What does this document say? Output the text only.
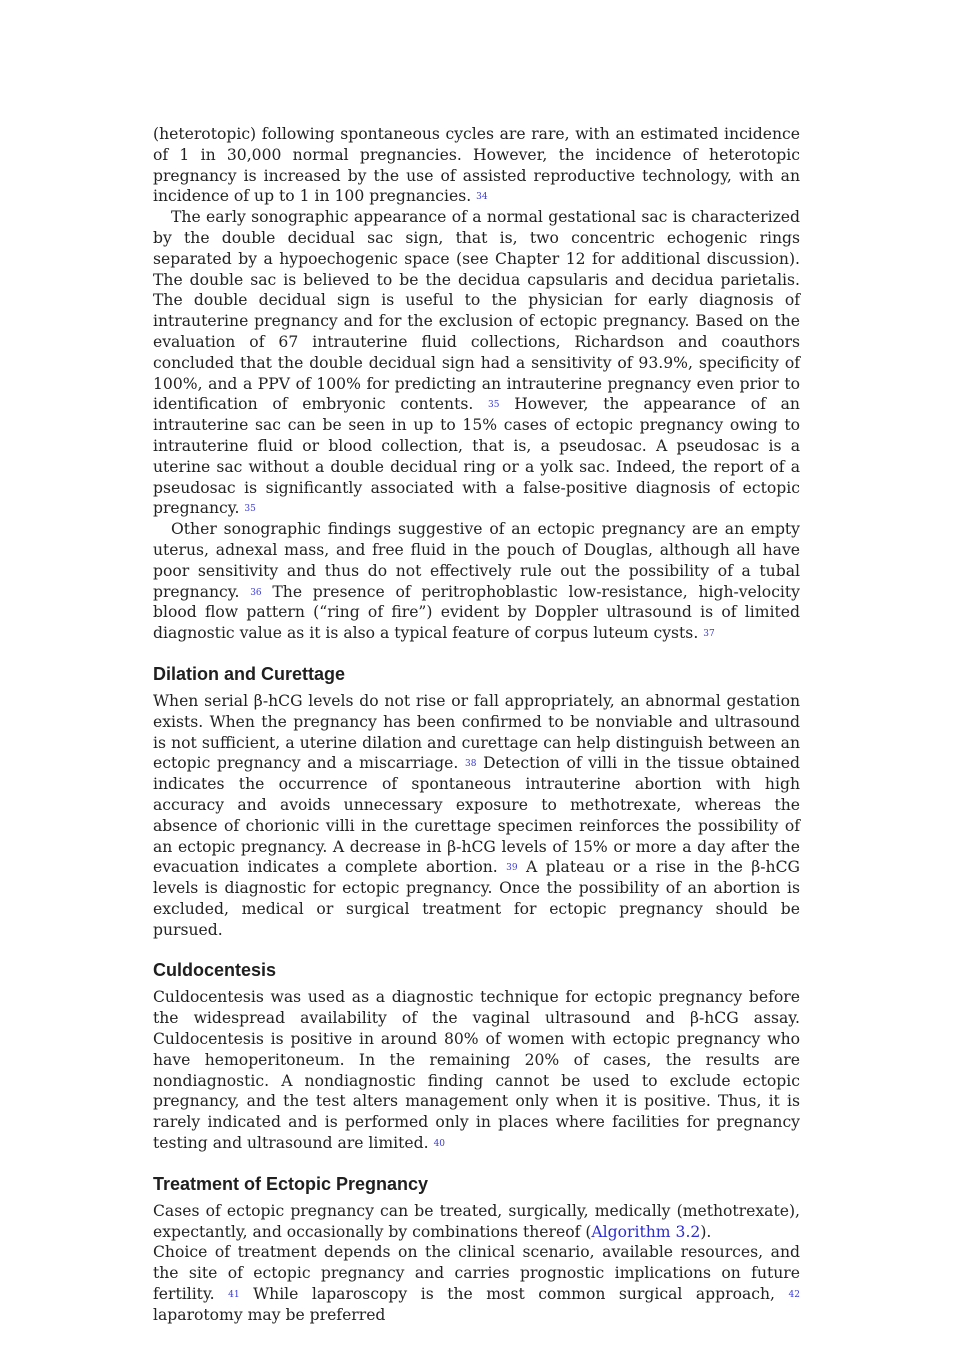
(heterotopic) following spontaneous cycles are rare, with an estimated incidence of 1 in 30,000 normal pregnancies. However, the incidence of heterotopic pregnancy is increased by the use of assisted reproductive technology, with an incidence of up to 1 in 100 pregnancies. 34

The early sonographic appearance of a normal gestational sac is characterized by the double decidual sac sign, that is, two concentric echogenic rings separated by a hypoechogenic space (see Chapter 12 for additional discussion). The double sac is believed to be the decidua capsularis and decidua parietalis. The double decidual sign is useful to the physician for early diagnosis of intrauterine pregnancy and for the exclusion of ectopic pregnancy. Based on the evaluation of 67 intrauterine fluid collections, Richardson and coauthors concluded that the double decidual sign had a sensitivity of 93.9%, specificity of 100%, and a PPV of 100% for predicting an intrauterine pregnancy even prior to identification of embryonic contents. 35 However, the appearance of an intrauterine sac can be seen in up to 15% cases of ectopic pregnancy owing to intrauterine fluid or blood collection, that is, a pseudosac. A pseudosac is a uterine sac without a double decidual ring or a yolk sac. Indeed, the report of a pseudosac is significantly associated with a false-positive diagnosis of ectopic pregnancy. 35

Other sonographic findings suggestive of an ectopic pregnancy are an empty uterus, adnexal mass, and free fluid in the pouch of Douglas, although all have poor sensitivity and thus do not effectively rule out the possibility of a tubal pregnancy. 36 The presence of peritrophoblastic low-resistance, high-velocity blood flow pattern (“ring of fire”) evident by Doppler ultrasound is of limited diagnostic value as it is also a typical feature of corpus luteum cysts. 37

Dilation and Curettage

When serial β-hCG levels do not rise or fall appropriately, an abnormal gestation exists. When the pregnancy has been confirmed to be nonviable and ultrasound is not sufficient, a uterine dilation and curettage can help distinguish between an ectopic pregnancy and a miscarriage. 38 Detection of villi in the tissue obtained indicates the occurrence of spontaneous intrauterine abortion with high accuracy and avoids unnecessary exposure to methotrexate, whereas the absence of chorionic villi in the curettage specimen reinforces the possibility of an ectopic pregnancy. A decrease in β-hCG levels of 15% or more a day after the evacuation indicates a complete abortion. 39 A plateau or a rise in the β-hCG levels is diagnostic for ectopic pregnancy. Once the possibility of an abortion is excluded, medical or surgical treatment for ectopic pregnancy should be pursued.

Culdocentesis

Culdocentesis was used as a diagnostic technique for ectopic pregnancy before the widespread availability of the vaginal ultrasound and β-hCG assay. Culdocentesis is positive in around 80% of women with ectopic pregnancy who have hemoperitoneum. In the remaining 20% of cases, the results are nondiagnostic. A nondiagnostic finding cannot be used to exclude ectopic pregnancy, and the test alters management only when it is positive. Thus, it is rarely indicated and is performed only in places where facilities for pregnancy testing and ultrasound are limited. 40

Treatment of Ectopic Pregnancy

Cases of ectopic pregnancy can be treated, surgically, medically (methotrexate), expectantly, and occasionally by combinations thereof (Algorithm 3.2).

Choice of treatment depends on the clinical scenario, available resources, and the site of ectopic pregnancy and carries prognostic implications on future fertility. 41 While laparoscopy is the most common surgical approach, 42 laparotomy may be preferred
